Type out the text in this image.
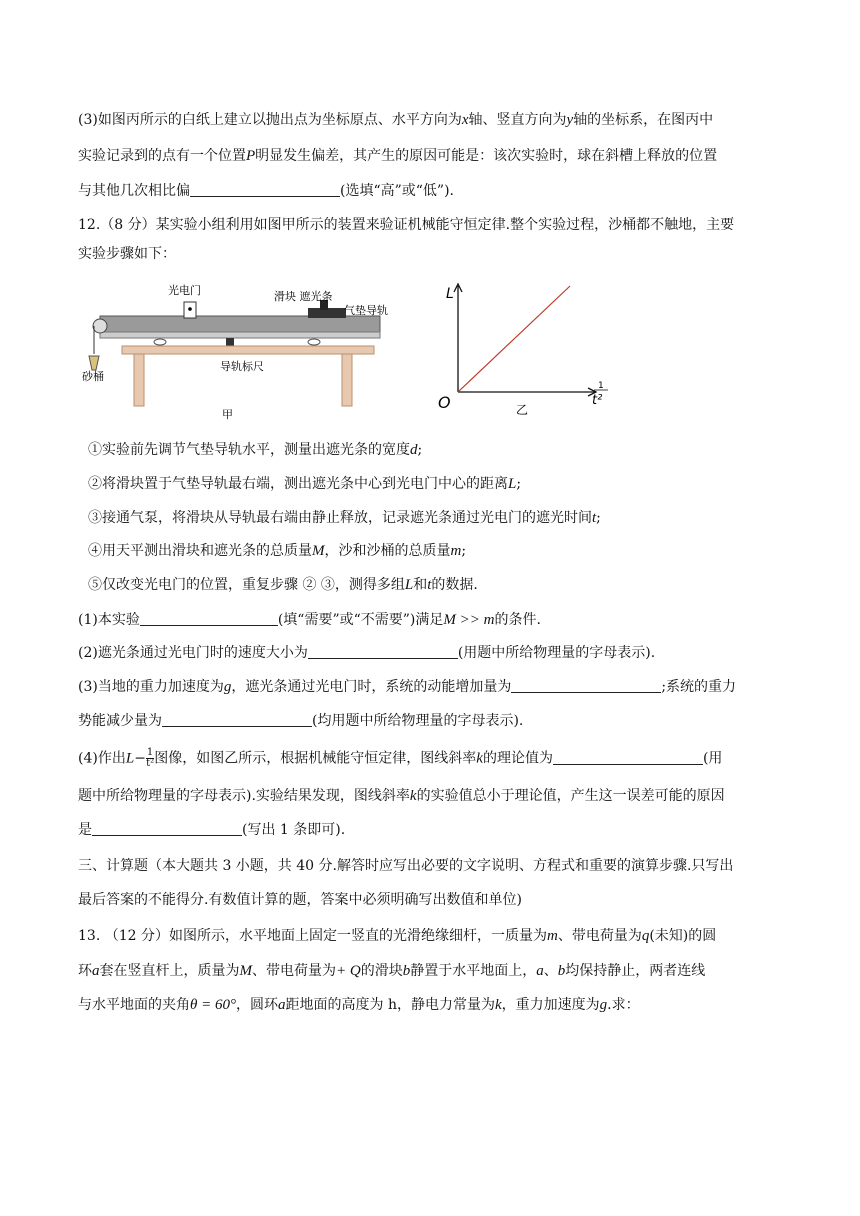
(3)如图丙所示的白纸上建立以抛出点为坐标原点、水平方向为x轴、竖直方向为y轴的坐标系，在图丙中
实验记录到的点有一个位置P明显发生偏差，其产生的原因可能是：该次实验时，球在斜槽上释放的位置
与其他几次相比偏	(选填“高”或“低”).
12.（8 分）某实验小组利用如图甲所示的装置来验证机械能守恒定律.整个实验过程，沙桶都不触地，主要
实验步骤如下：
光电门	滑块 遮光条
气垫导轨
导轨标尺
砂桶
甲
L
O
1
t²
乙
①实验前先调节气垫导轨水平，测量出遮光条的宽度d;
②将滑块置于气垫导轨最右端，测出遮光条中心到光电门中心的距离L;
③接通气泵，将滑块从导轨最右端由静止释放，记录遮光条通过光电门的遮光时间t;
④用天平测出滑块和遮光条的总质量M，沙和沙桶的总质量m;
⑤仅改变光电门的位置，重复步骤 ② ③，测得多组L和t的数据.
(1)本实验	(填“需要”或“不需要”)满足M >> m的条件.
(2)遮光条通过光电门时的速度大小为	(用题中所给物理量的字母表示).
(3)当地的重力加速度为g，遮光条通过光电门时，系统的动能增加量为	;系统的重力
势能减少量为	(均用题中所给物理量的字母表示).
(4)作出$L- \frac{1}{\text{t²}}$ 图像，如图乙所示，根据机械能守恒定律，图线斜率k的理论值为	(用
题中所给物理量的字母表示).实验结果发现，图线斜率k的实验值总小于理论值，产生这一误差可能的原因
是	(写出 1 条即可).
三、计算题（本大题共 3 小题，共 40 分.解答时应写出必要的文字说明、方程式和重要的演算步骤.只写出
最后答案的不能得分.有数值计算的题，答案中必须明确写出数值和单位)
13. （12 分）如图所示，水平地面上固定一竖直的光滑绝缘细杆，一质量为m、带电荷量为q(未知)的圆
环a套在竖直杆上，质量为M、带电荷量为+ Q的滑块b静置于水平地面上，a、b均保持静止，两者连线
与水平地面的夹角θ = 60°，圆环a距地面的高度为 h，静电力常量为k，重力加速度为g.求：
